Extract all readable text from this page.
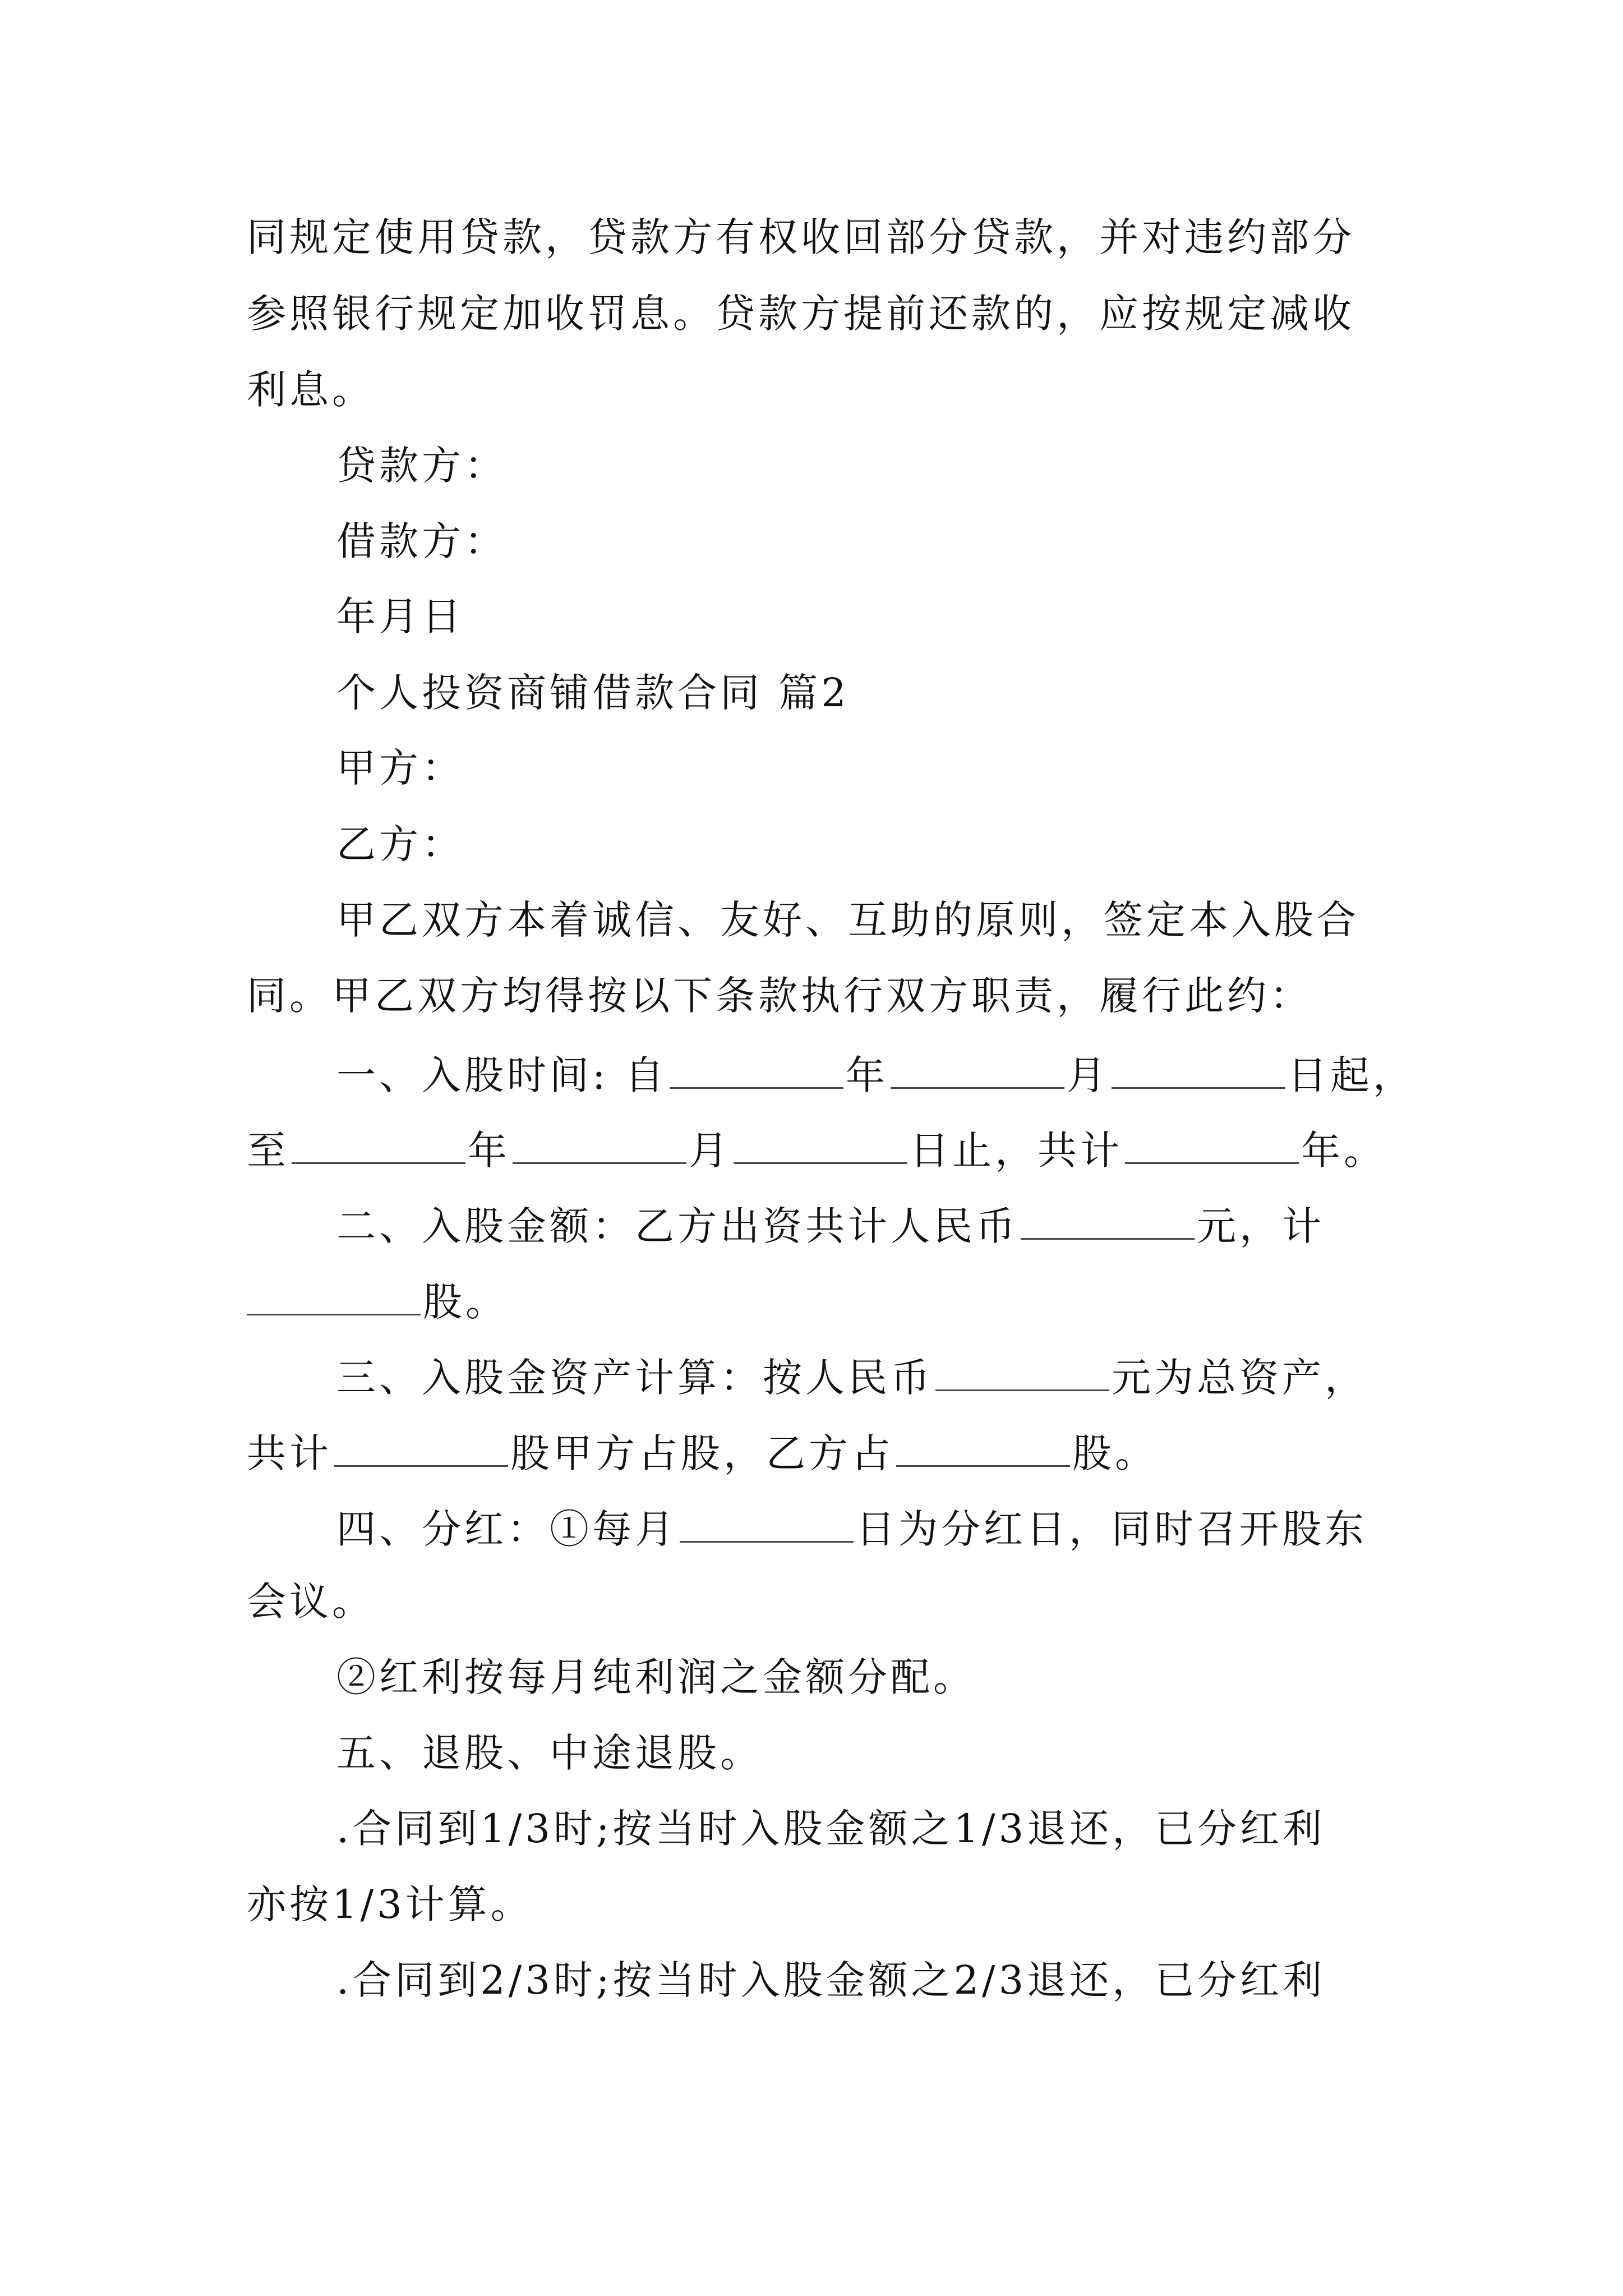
同规定使用贷款，贷款方有权收回部分贷款，并对违约部分
参照银行规定加收罚息。贷款方提前还款的，应按规定减收
利息。
贷款方：
借款方：
年月日
个人投资商铺借款合同 篇2
甲方：
乙方：
甲乙双方本着诚信、友好、互助的原则，签定本入股合
同。甲乙双方均得按以下条款执行双方职责，履行此约：
一、入股时间: 自	年	月	日起，
至	年	月	日止，共计	年。
二、入股金额：乙方出资共计人民币	元，计
股。
三、入股金资产计算：按人民币	元为总资产，
共计	股甲方占股，乙方占	股。
四、分红：①每月	日为分红日，同时召开股东
会议。
②红利按每月纯利润之金额分配。
五、退股、中途退股。
.合同到1/3时;按当时入股金额之1/3退还，已分红利
亦按1/3计算。
.合同到2/3时;按当时入股金额之2/3退还，已分红利
